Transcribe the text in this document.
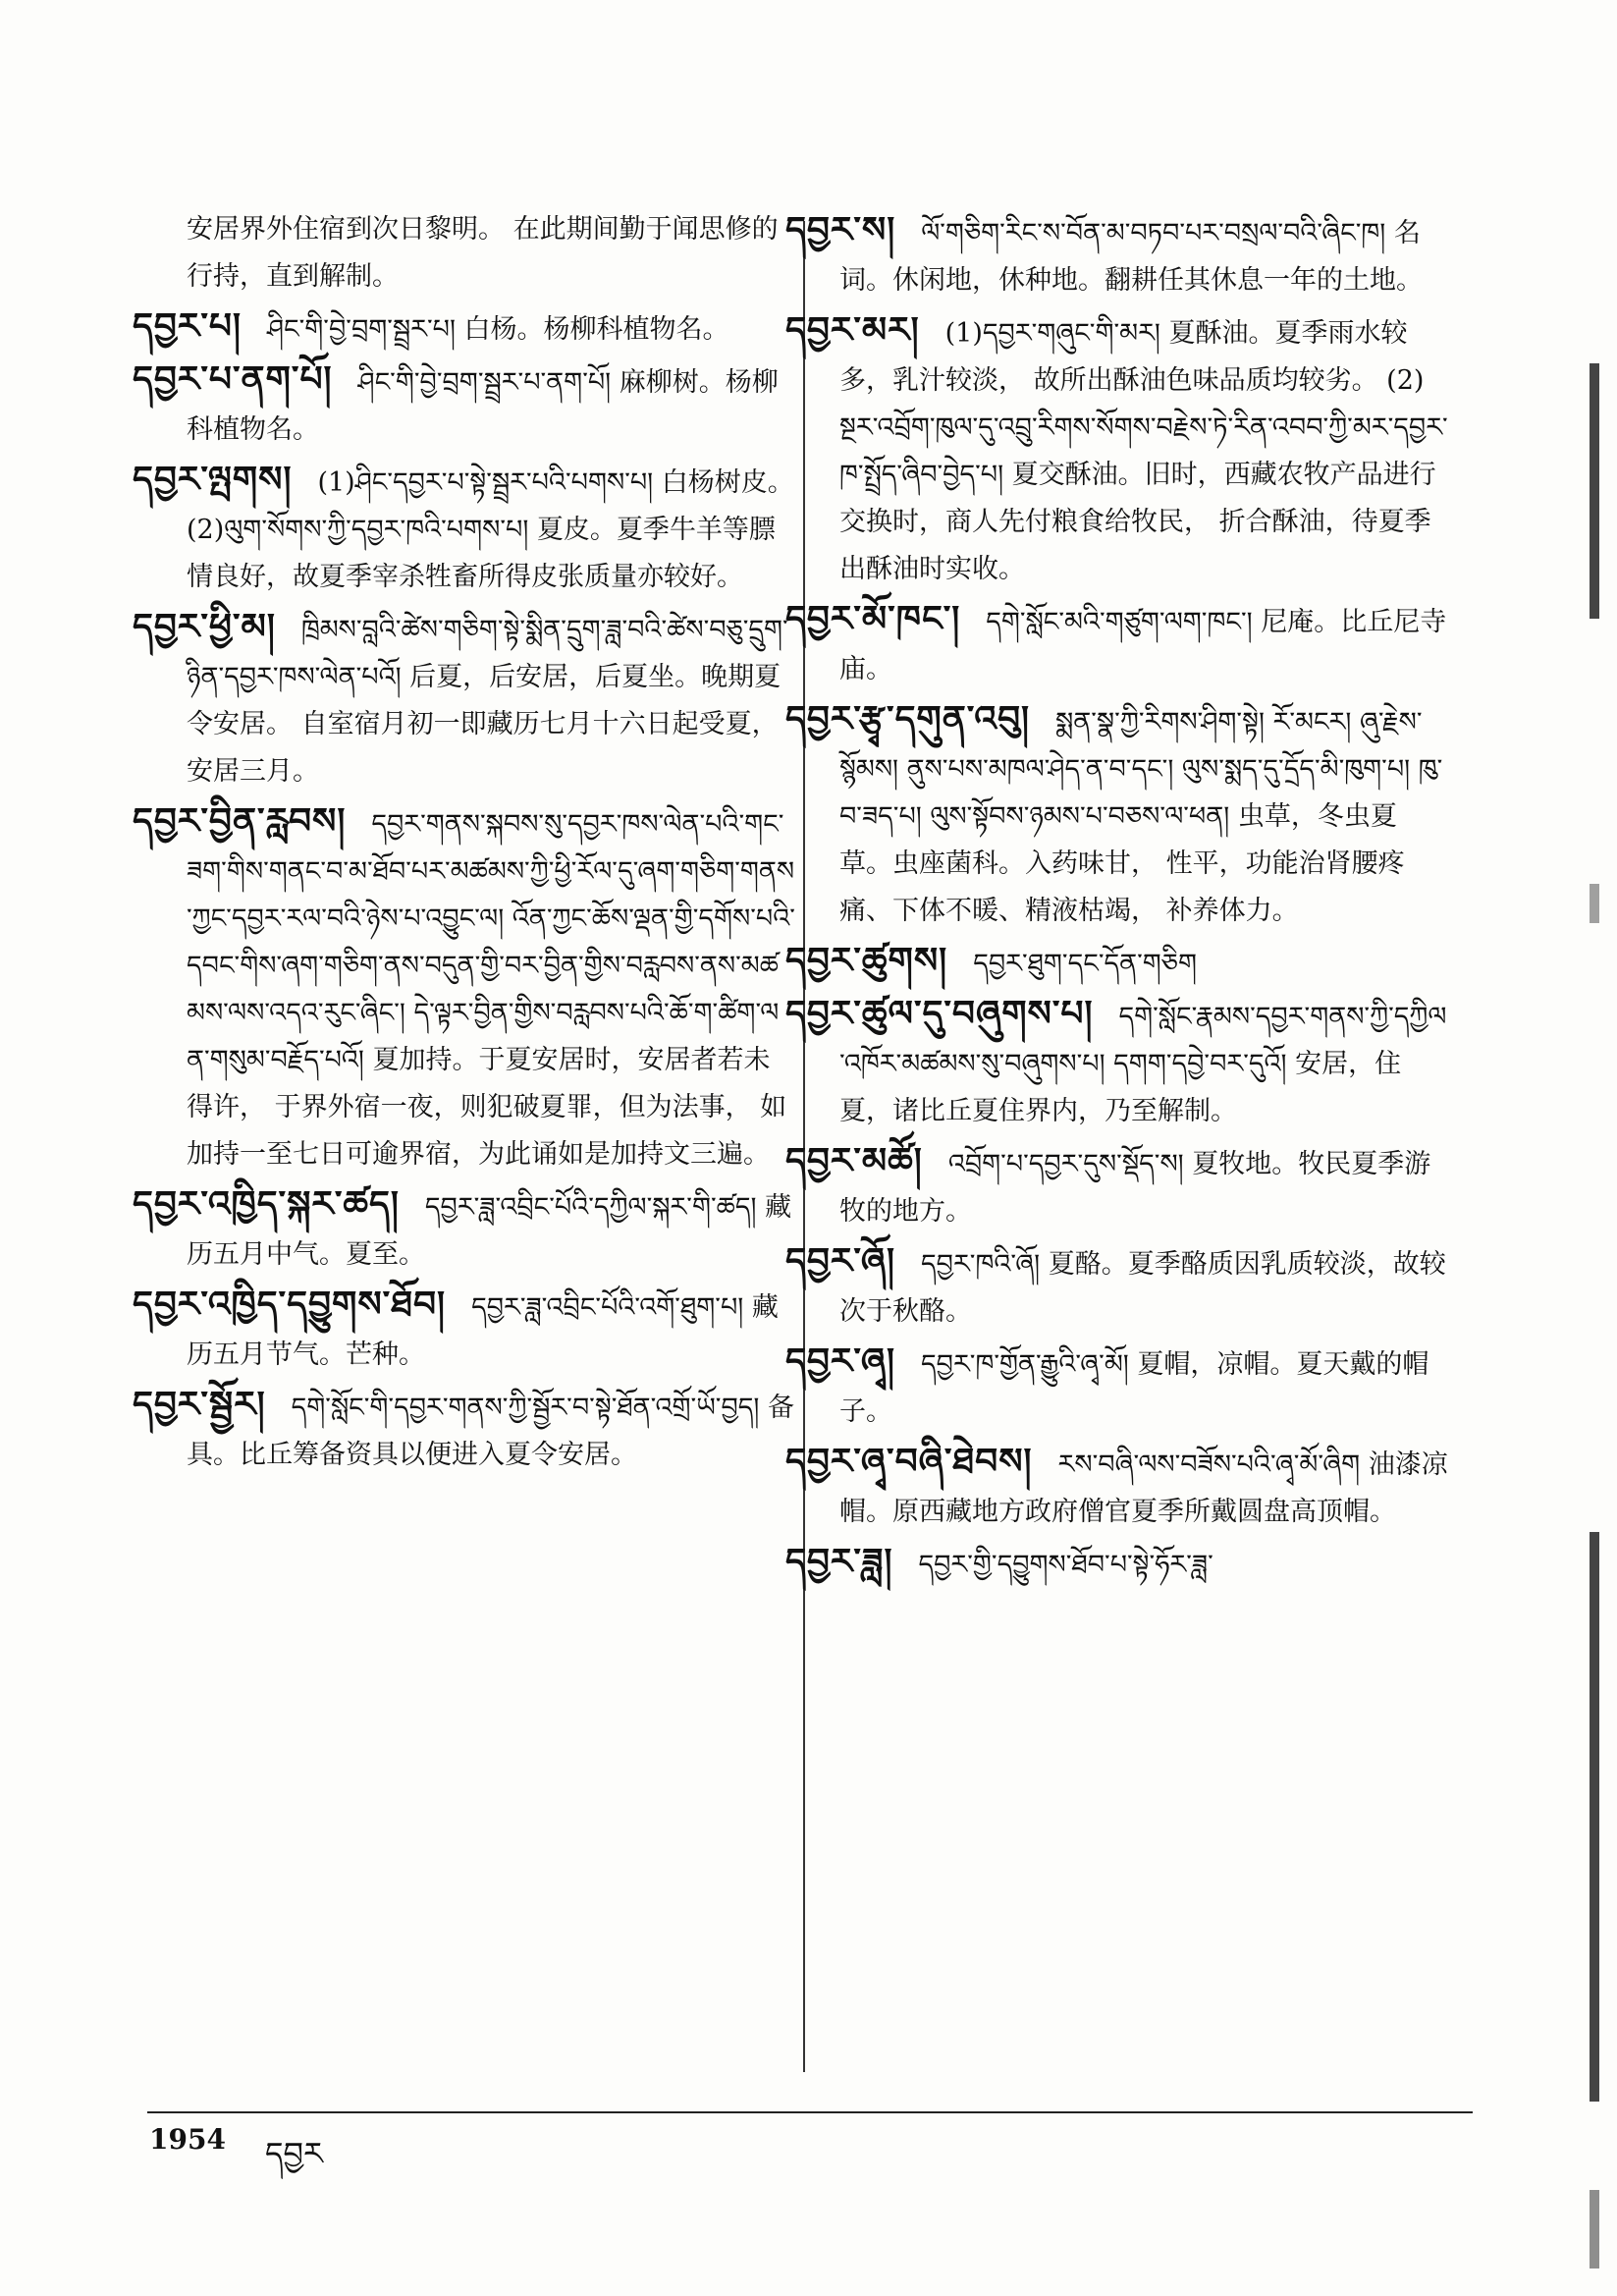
安居界外住宿到次日黎明。 在此期间勤于闻思修的行持，直到解制。
དབྱར་པ།  ཤིང་གི་བྱེ་བྲག་སྦྲར་པ། 白杨。杨柳科植物名。
དབྱར་པ་ནག་པོ།  ཤིང་གི་བྱེ་བྲག་སྦྲར་པ་ནག་པོ། 麻柳树。杨柳科植物名。
དབྱར་ལྤགས།  (1)ཤིང་དབྱར་པ་སྟེ་སྦྲར་པའི་པགས་པ། 白杨树皮。 (2)ལུག་སོགས་ཀྱི་དབྱར་ཁའི་པགས་པ། 夏皮。夏季牛羊等膘情良好，故夏季宰杀牲畜所得皮张质量亦较好。
དབྱར་ཕྱི་མ།  ཁྲིམས་བླའི་ཚེས་གཅིག་སྟེ་སྨིན་དྲུག་ཟླ་བའི་ཚེས་བཅུ་དྲུག་ཉིན་དབྱར་ཁས་ལེན་པའོ། 后夏，后安居，后夏坐。晚期夏令安居。 自室宿月初一即藏历七月十六日起受夏，安居三月。
དབྱར་བྱིན་རླབས།  དབྱར་གནས་སྐབས་སུ་དབྱར་ཁས་ལེན་པའི་གང་ཟག་གིས་གནང་བ་མ་ཐོབ་པར་མཚམས་ཀྱི་ཕྱི་རོལ་དུ་ཞག་གཅིག་གནས་ཀྱང་དབྱར་རལ་བའི་ཉེས་པ་འབྱུང་ལ། འོན་ཀྱང་ཆོས་ལྡན་གྱི་དགོས་པའི་དབང་གིས་ཞག་གཅིག་ནས་བདུན་གྱི་བར་བྱིན་གྱིས་བརླབས་ནས་མཚམས་ལས་འདའ་རུང་ཞིང་། དེ་ལྟར་བྱིན་གྱིས་བརླབས་པའི་ཆོ་ག་ཚིག་ལན་གསུམ་བརྗོད་པའོ། 夏加持。于夏安居时，安居者若未得许， 于界外宿一夜，则犯破夏罪，但为法事， 如加持一至七日可逾界宿，为此诵如是加持文三遍。
དབྱར་འཁྱིད་སྐར་ཚད།  དབྱར་ཟླ་འབྲིང་པོའི་དཀྱིལ་སྐར་གི་ཚད། 藏历五月中气。夏至。
དབྱར་འཁྱིད་དབྱུགས་ཐོབ།  དབྱར་ཟླ་འབྲིང་པོའི་འགོ་ཐུག་པ། 藏历五月节气。芒种。
དབྱར་སྦྱོར།  དགེ་སློང་གི་དབྱར་གནས་ཀྱི་སྦྱོར་བ་སྟེ་ཐོན་འགྲོ་ཡོ་བྱད། 备具。比丘筹备资具以便进入夏令安居。
དབྱར་ས།  ལོ་གཅིག་རིང་ས་བོན་མ་བཏབ་པར་བསྲལ་བའི་ཞིང་ཁ། 名词。休闲地，休种地。翻耕任其休息一年的土地。
དབྱར་མར།  (1)དབྱར་གཞུང་གི་མར། 夏酥油。夏季雨水较多，乳汁较淡， 故所出酥油色味品质均较劣。 (2)སྔར་འབྲོག་ཁུལ་དུ་འབྲུ་རིགས་སོགས་བརྗེས་ཏེ་རིན་འབབ་ཀྱི་མར་དབྱར་ཁ་སྤྲོད་ཞིབ་བྱེད་པ། 夏交酥油。旧时，西藏农牧产品进行交换时，商人先付粮食给牧民， 折合酥油，待夏季出酥油时实收。
དབྱར་མོ་ཁང་།  དགེ་སློང་མའི་གཙུག་ལག་ཁང་། 尼庵。比丘尼寺庙。
དབྱར་རྩྭ་དགུན་འབུ།  སྨན་སྣ་ཀྱི་རིགས་ཤིག་སྟེ། རོ་མངར། ཞུ་རྗེས་སྙོམས། ནུས་པས་མཁལ་ཤེད་ན་བ་དང་། ལུས་སྨད་དུ་དྲོད་མི་ཁུག་པ། ཁུ་བ་ཟད་པ། ལུས་སྟོབས་ཉམས་པ་བཅས་ལ་ཕན། 虫草，冬虫夏草。虫座菌科。入药味甘， 性平，功能治肾腰疼痛、下体不暖、精液枯竭， 补养体力。
དབྱར་ཚུགས།  དབྱར་ཐུག་དང་དོན་གཅིག
དབྱར་ཚུལ་དུ་བཞུགས་པ།  དགེ་སློང་རྣམས་དབྱར་གནས་ཀྱི་དཀྱིལ་འཁོར་མཚམས་སུ་བཞུགས་པ། དགག་དབྱེ་བར་དུའོ། 安居，住夏，诸比丘夏住界内，乃至解制。
དབྱར་མཚོ།  འབྲོག་པ་དབྱར་དུས་སྡོད་ས། 夏牧地。牧民夏季游牧的地方。
དབྱར་ཞོ།  དབྱར་ཁའི་ཞོ། 夏酪。夏季酪质因乳质较淡，故较次于秋酪。
དབྱར་ཞྭ།  དབྱར་ཁ་གྱོན་རྒྱུའི་ཞྭ་མོ། 夏帽，凉帽。夏天戴的帽子。
དབྱར་ཞྭ་བཞི་ཐེབས།  རས་བཞི་ལས་བཟོས་པའི་ཞྭ་མོ་ཞིག 油漆凉帽。原西藏地方政府僧官夏季所戴圆盘高顶帽。
དབྱར་ཟླ།  དབྱར་གྱི་དབྱུགས་ཐོབ་པ་སྟེ་ཧོར་ཟླ་
1954 དབྱར
